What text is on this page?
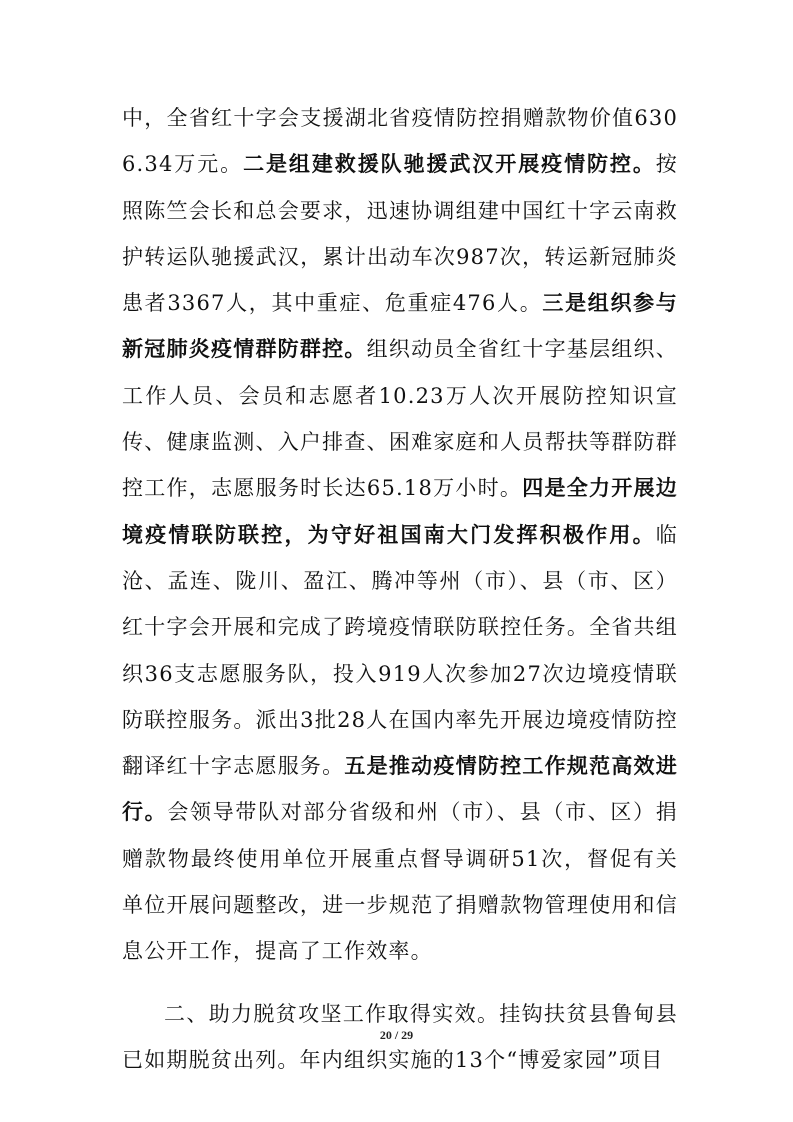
中，全省红十字会支援湖北省疫情防控捐赠款物价值6306.34万元。二是组建救援队驰援武汉开展疫情防控。按照陈竺会长和总会要求，迅速协调组建中国红十字云南救护转运队驰援武汉，累计出动车次987次，转运新冠肺炎患者3367人，其中重症、危重症476人。三是组织参与新冠肺炎疫情群防群控。组织动员全省红十字基层组织、工作人员、会员和志愿者10.23万人次开展防控知识宣传、健康监测、入户排查、困难家庭和人员帮扶等群防群控工作，志愿服务时长达65.18万小时。四是全力开展边境疫情联防联控，为守好祖国南大门发挥积极作用。临沧、孟连、陇川、盈江、腾冲等州（市）、县（市、区）红十字会开展和完成了跨境疫情联防联控任务。全省共组织36支志愿服务队，投入919人次参加27次边境疫情联防联控服务。派出3批28人在国内率先开展边境疫情防控翻译红十字志愿服务。五是推动疫情防控工作规范高效进行。会领导带队对部分省级和州（市）、县（市、区）捐赠款物最终使用单位开展重点督导调研51次，督促有关单位开展问题整改，进一步规范了捐赠款物管理使用和信息公开工作，提高了工作效率。

二、助力脱贫攻坚工作取得实效。挂钩扶贫县鲁甸县已如期脱贫出列。年内组织实施的13个“博爱家园”项目

20 / 29
